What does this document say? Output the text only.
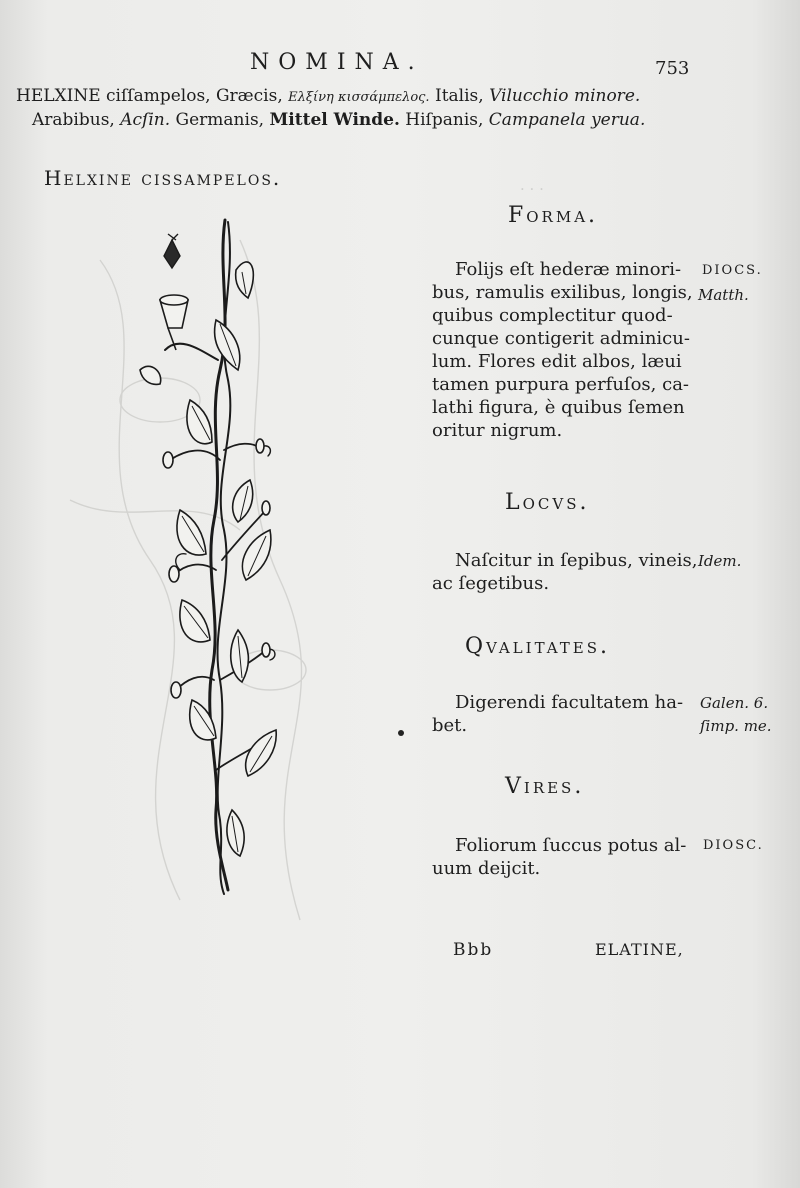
NOMINA.	753
HELXINE ciſſampelos, Græcis, Ελξίνη κισσάμπελος. Italis, Vilucchio minore.
Arabibus, Acſin. Germanis, Mittel Winde. Hiſpanis, Campanela yerua.
Helxine cissampelos.	· · ·
Forma.
Folijs eſt hederæ minori-
bus, ramulis exilibus, longis,
quibus complectitur quod-
cunque contigerit adminicu-
lum. Flores edit albos, læui
tamen purpura perfuſos, ca-
lathi figura, è quibus ſemen
oritur nigrum.
DIOCS.
Matth.
Locvs.
Naſcitur in ſepibus, vineis,
ac ſegetibus.
Idem.
Qvalitates.
Digerendi facultatem ha-
bet.
Galen. 6.
ſimp. me.
Vires.
Foliorum ſuccus potus al-
uum deijcit.
DIOSC.
Bbb	ELATINE,
